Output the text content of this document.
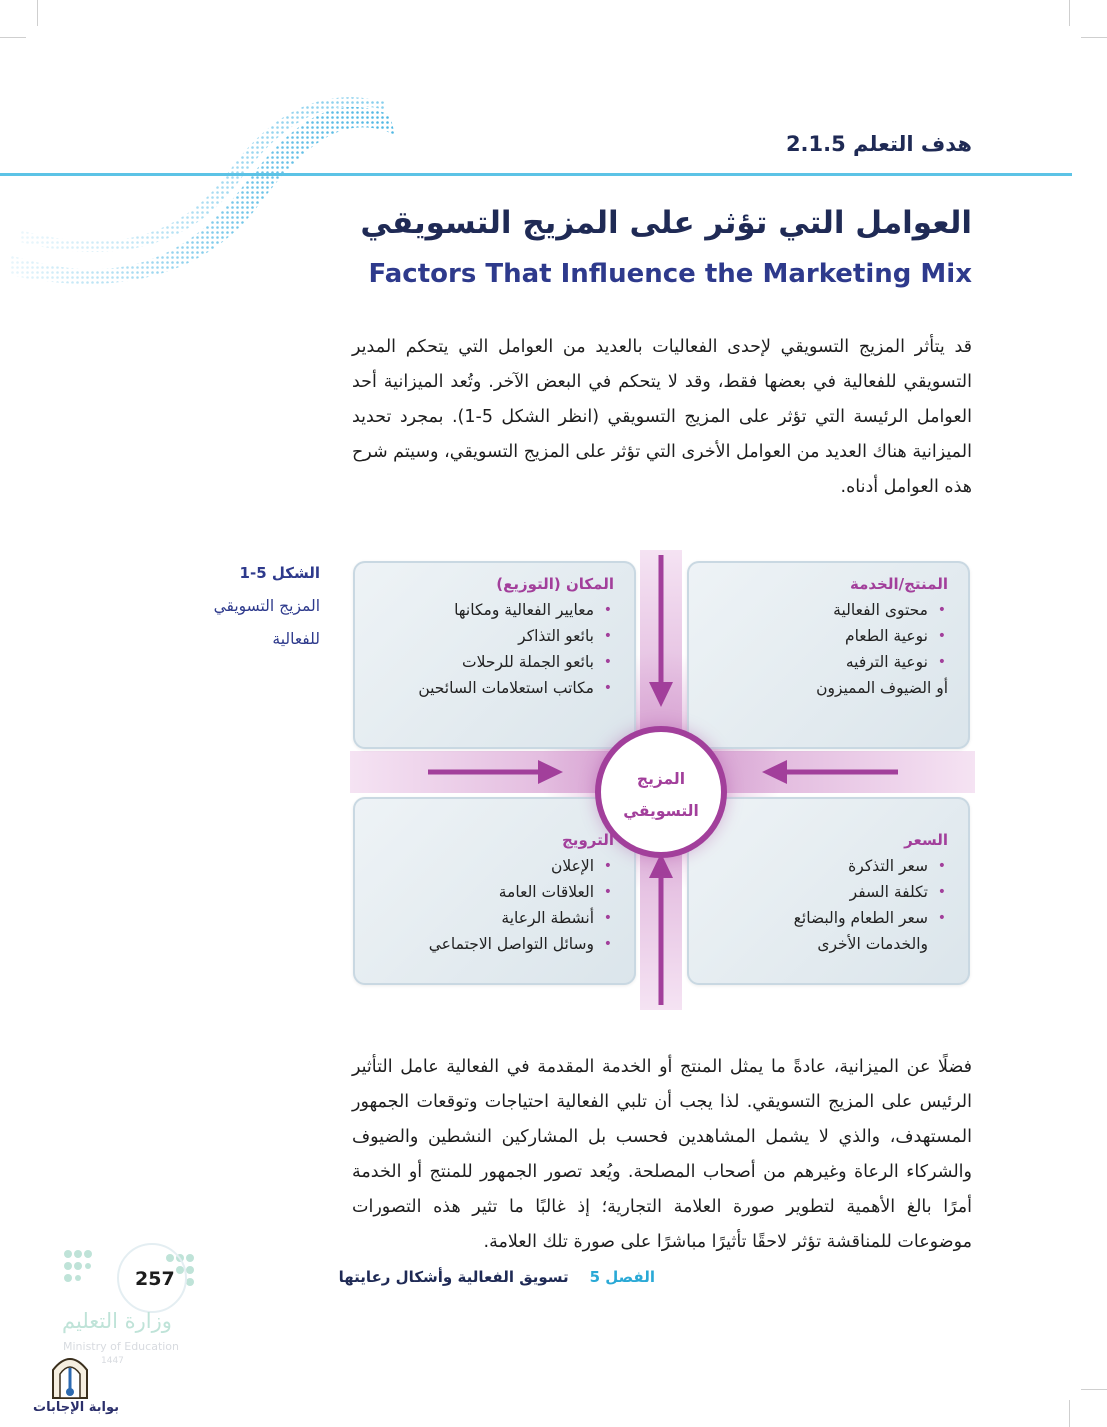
هدف التعلم 2.1.5
العوامل التي تؤثر على المزيج التسويقي
Factors That Influence the Marketing Mix
قد يتأثر المزيج التسويقي لإحدى الفعاليات بالعديد من العوامل التي يتحكم المدير التسويقي للفعالية في بعضها فقط، وقد لا يتحكم في البعض الآخر. وتُعد الميزانية أحد العوامل الرئيسة التي تؤثر على المزيج التسويقي (انظر الشكل 5-1). بمجرد تحديد الميزانية هناك العديد من العوامل الأخرى التي تؤثر على المزيج التسويقي، وسيتم شرح هذه العوامل أدناه.
الشكل 5-1
المزيج التسويقي للفعالية
المكان (التوزيع)
• معايير الفعالية ومكانها
• بائعو التذاكر
• بائعو الجملة للرحلات
• مكاتب استعلامات السائحين
المنتج/الخدمة
• محتوى الفعالية
• نوعية الطعام
• نوعية الترفيه
أو الضيوف المميزون
الترويج
• الإعلان
• العلاقات العامة
• أنشطة الرعاية
• وسائل التواصل الاجتماعي
السعر
• سعر التذكرة
• تكلفة السفر
• سعر الطعام والبضائع
والخدمات الأخرى
المزيج
التسويقي
فضلًا عن الميزانية، عادةً ما يمثل المنتج أو الخدمة المقدمة في الفعالية عامل التأثير الرئيس على المزيج التسويقي. لذا يجب أن تلبي الفعالية احتياجات وتوقعات الجمهور المستهدف، والذي لا يشمل المشاهدين فحسب بل المشاركين النشطين والضيوف والشركاء الرعاة وغيرهم من أصحاب المصلحة. ويُعد تصور الجمهور للمنتج أو الخدمة أمرًا بالغ الأهمية لتطوير صورة العلامة التجارية؛ إذ غالبًا ما تثير هذه التصورات موضوعات للمناقشة تؤثر لاحقًا تأثيرًا مباشرًا على صورة تلك العلامة.
الفصل 5    تسويق الفعالية وأشكال رعايتها
257
وزارة التعليم
Ministry of Education
1447
بوابة الإجابات
